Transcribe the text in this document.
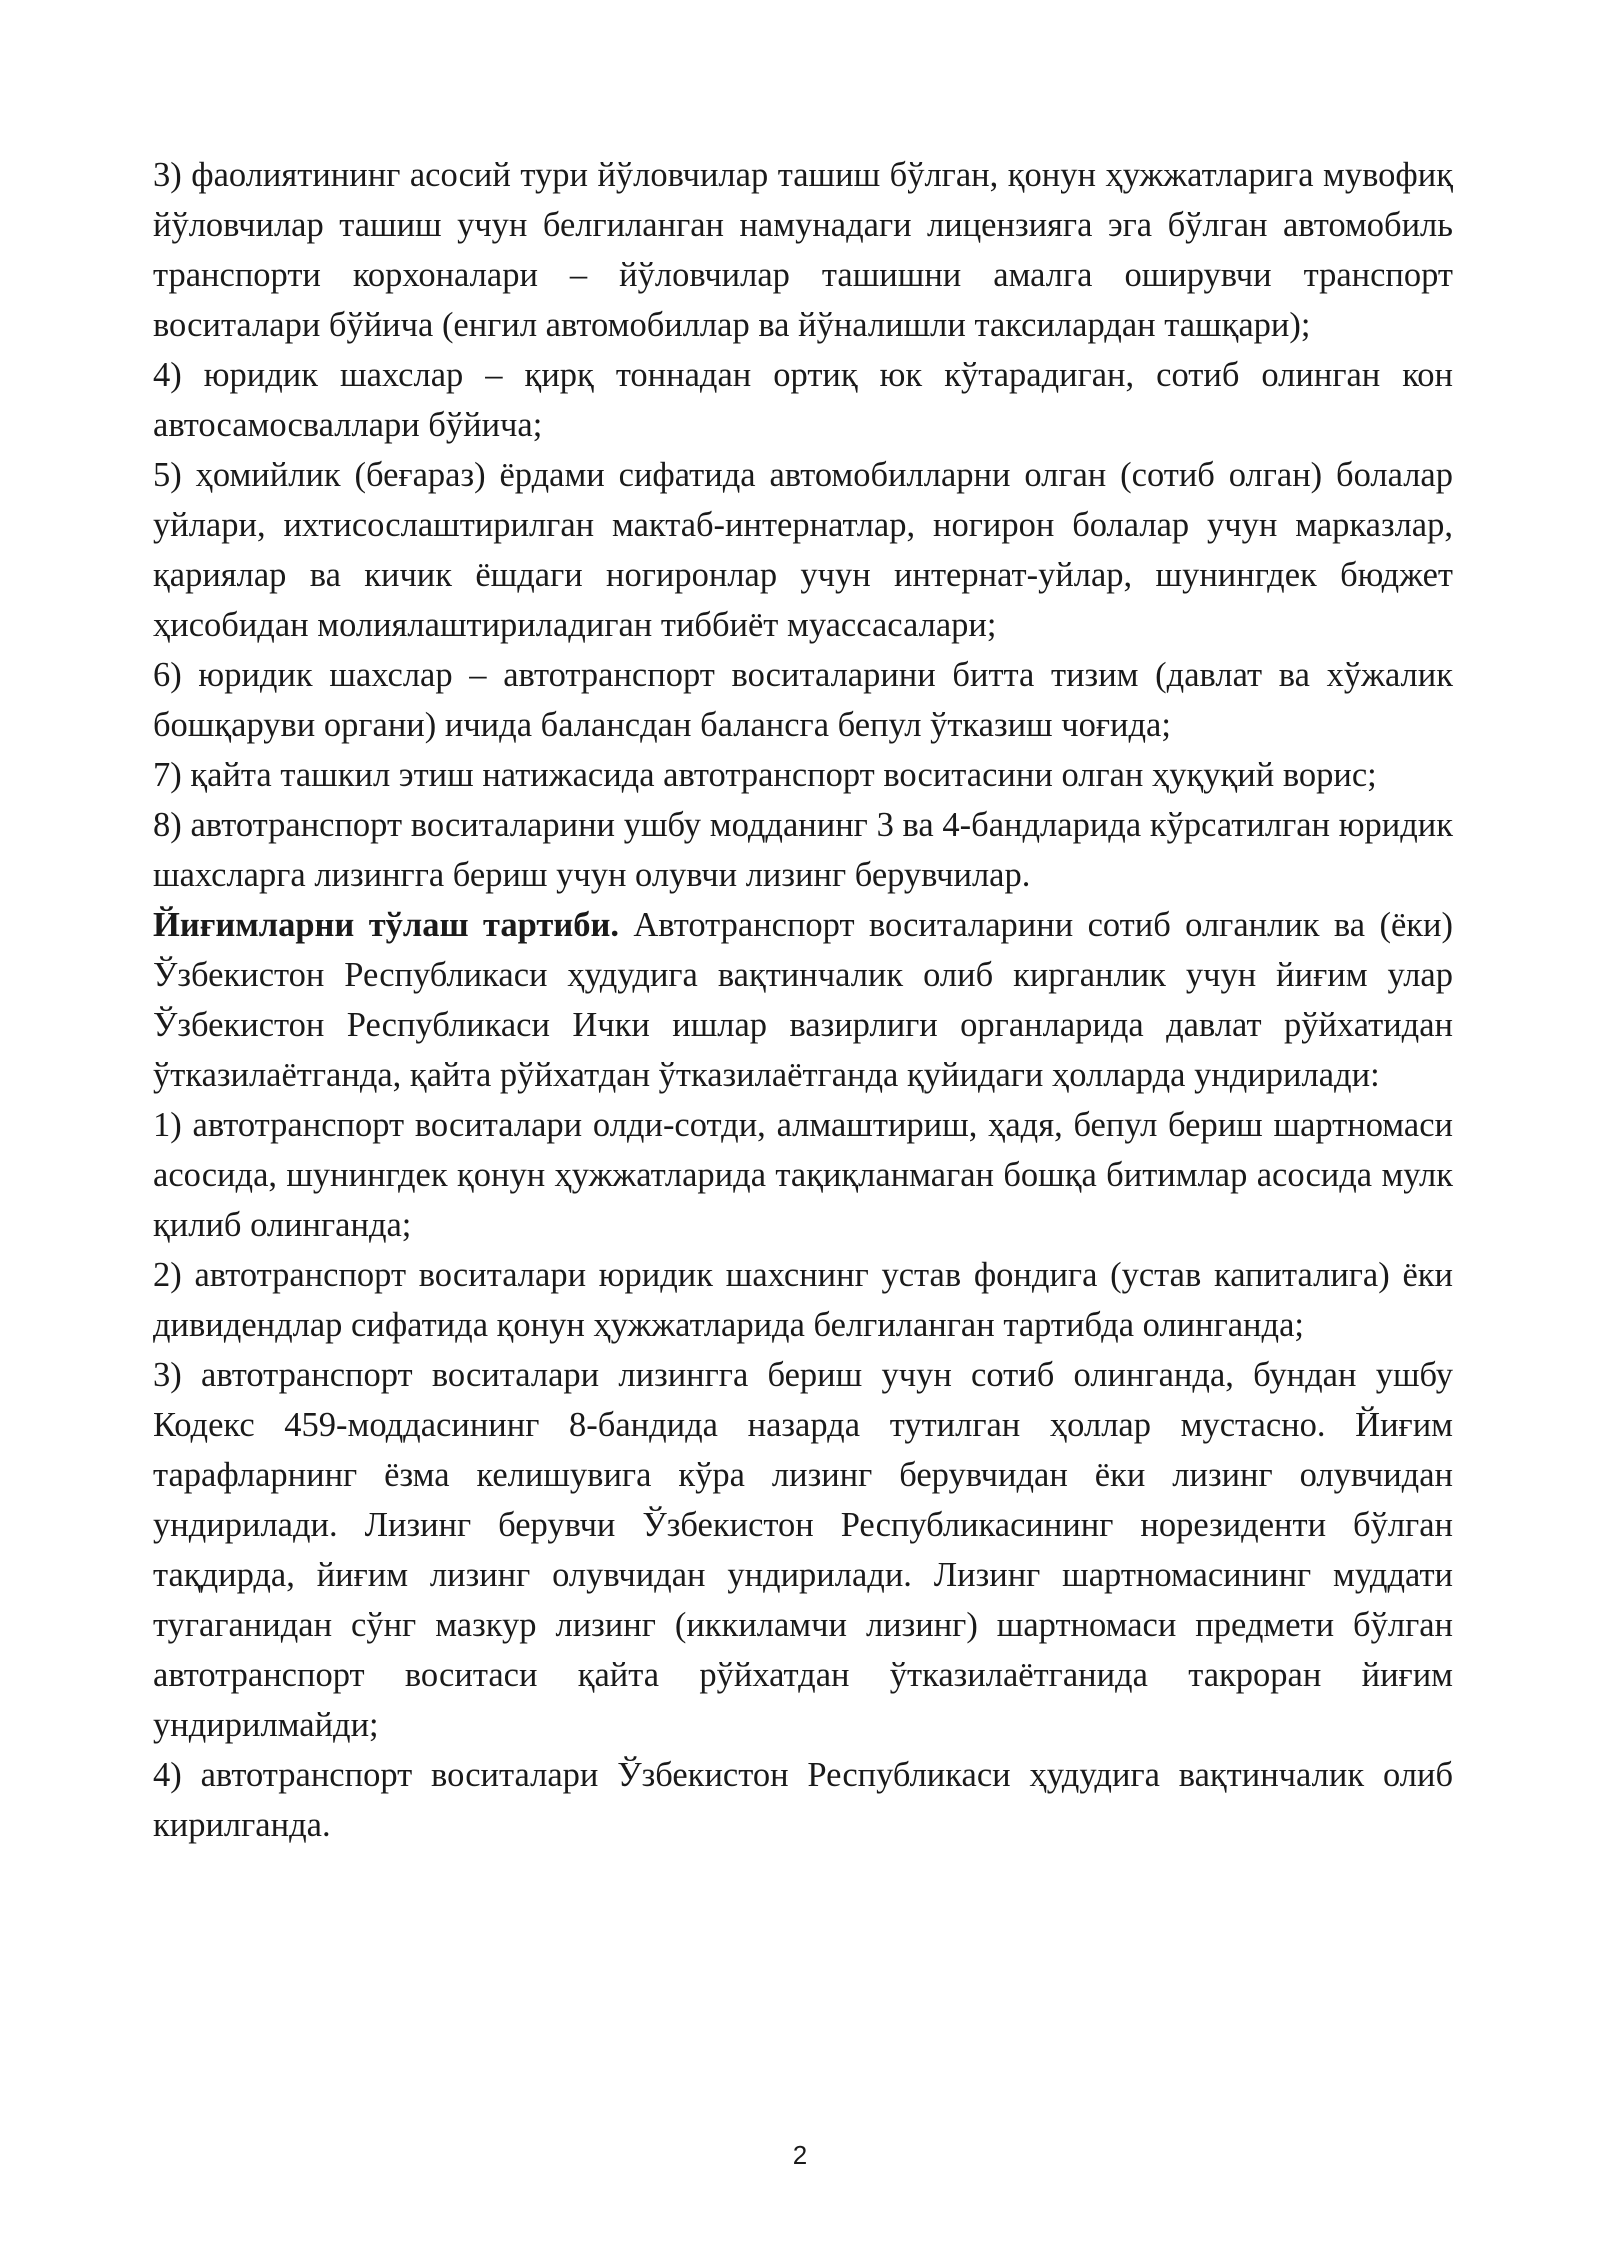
3) фаолиятининг асосий тури йўловчилар ташиш бўлган, қонун ҳужжатларига мувофиқ йўловчилар ташиш учун белгиланган намунадаги лицензияга эга бўлган автомобиль транспорти корхоналари – йўловчилар ташишни амалга оширувчи транспорт воситалари бўйича (енгил автомобиллар ва йўналишли таксилардан ташқари);

4) юридик шахслар – қирқ тоннадан ортиқ юк кўтарадиган, сотиб олинган кон автосамосваллари бўйича;

5) ҳомийлик (беғараз) ёрдами сифатида автомобилларни олган (сотиб олган) болалар уйлари, ихтисослаштирилган мактаб-интернатлар, ногирон болалар учун марказлар, қариялар ва кичик ёшдаги ногиронлар учун интернат-уйлар, шунингдек бюджет ҳисобидан молиялаштириладиган тиббиёт муассасалари;

6) юридик шахслар – автотранспорт воситаларини битта тизим (давлат ва хўжалик бошқаруви органи) ичида балансдан балансга бепул ўтказиш чоғида;

7) қайта ташкил этиш натижасида автотранспорт воситасини олган ҳуқуқий ворис;

8) автотранспорт воситаларини ушбу модданинг 3 ва 4-бандларида кўрсатилган юридик шахсларга лизингга бериш учун олувчи лизинг берувчилар.

Йиғимларни тўлаш тартиби. Автотранспорт воситаларини сотиб олганлик ва (ёки) Ўзбекистон Республикаси ҳудудига вақтинчалик олиб кирганлик учун йиғим улар Ўзбекистон Республикаси Ички ишлар вазирлиги органларида давлат рўйхатидан ўтказилаётганда, қайта рўйхатдан ўтказилаётганда қуйидаги ҳолларда ундирилади:

1) автотранспорт воситалари олди-сотди, алмаштириш, ҳадя, бепул бериш шартномаси асосида, шунингдек қонун ҳужжатларида тақиқланмаган бошқа битимлар асосида мулк қилиб олинганда;

2) автотранспорт воситалари юридик шахснинг устав фондига (устав капиталига) ёки дивидендлар сифатида қонун ҳужжатларида белгиланган тартибда олинганда;

3) автотранспорт воситалари лизингга бериш учун сотиб олинганда, бундан ушбу Кодекс 459-моддасининг 8-бандида назарда тутилган ҳоллар мустасно. Йиғим тарафларнинг ёзма келишувига кўра лизинг берувчидан ёки лизинг олувчидан ундирилади. Лизинг берувчи Ўзбекистон Республикасининг норезиденти бўлган тақдирда, йиғим лизинг олувчидан ундирилади. Лизинг шартномасининг муддати тугаганидан сўнг мазкур лизинг (иккиламчи лизинг) шартномаси предмети бўлган автотранспорт воситаси қайта рўйхатдан ўтказилаётганида такроран йиғим ундирилмайди;

4) автотранспорт воситалари Ўзбекистон Республикаси ҳудудига вақтинчалик олиб кирилганда.

2
